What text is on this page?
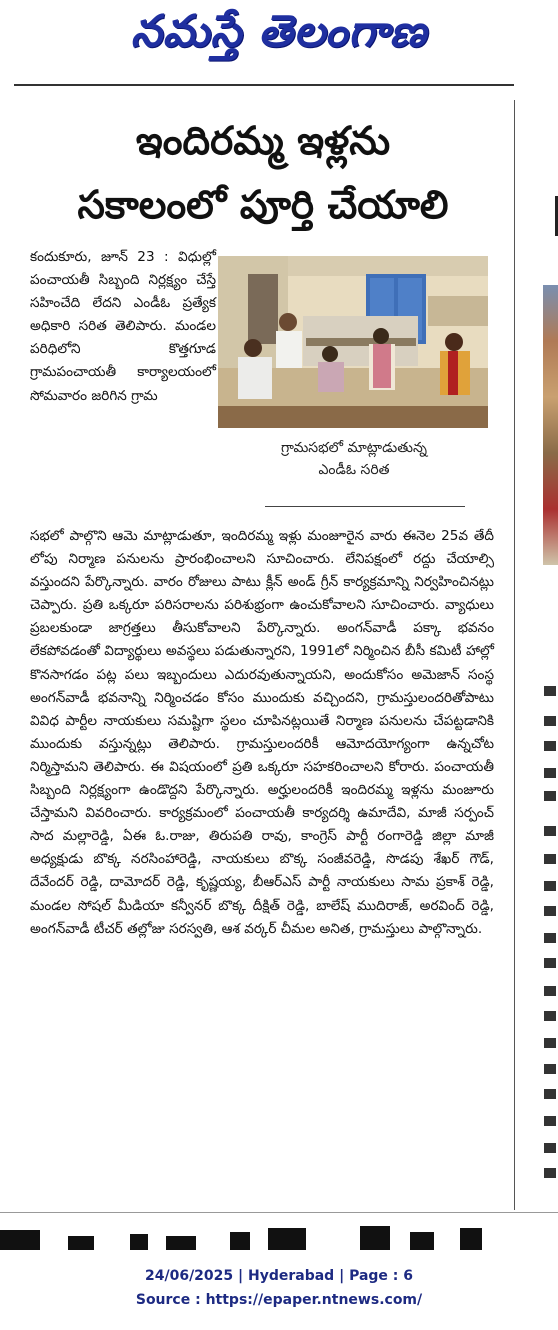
నమస్తే తెలంగాణ
ఇందిరమ్మ ఇళ్లను
సకాలంలో పూర్తి చేయాలి
గ్రామసభలో మాట్లాడుతున్న
ఎండీఓ సరిత
కందుకూరు, జూన్ 23 : విధుల్లో పంచాయతీ సిబ్బంది నిర్లక్ష్యం చేస్తే సహించేది లేదని ఎండీఓ ప్రత్యేక అధికారి సరిత తెలిపారు. మండల పరిధిలోని కొత్తగూడ గ్రామపంచాయతీ కార్యాలయంలో సోమవారం జరిగిన గ్రామ
సభలో పాల్గొని ఆమె మాట్లాడుతూ, ఇందిరమ్మ ఇళ్లు మంజూరైన వారు ఈనెల 25వ తేదీ లోపు నిర్మాణ పనులను ప్రారంభించాలని సూచించారు. లేనిపక్షంలో రద్దు చేయాల్సి వస్తుందని పేర్కొన్నారు. వారం రోజులు పాటు క్లీన్ అండ్ గ్రీన్ కార్యక్రమాన్ని నిర్వహించినట్లు చెప్పారు. ప్రతి ఒక్కరూ పరిసరాలను పరిశుభ్రంగా ఉంచుకోవాలని సూచించారు. వ్యాధులు ప్రబలకుండా జాగ్రత్తలు తీసుకోవాలని పేర్కొన్నారు. అంగన్‌వాడీ పక్కా భవనం లేకపోవడంతో విద్యార్థులు అవస్థలు పడుతున్నారని, 1991లో నిర్మించిన బీసీ కమిటీ హాల్లో కొనసాగడం పట్ల పలు ఇబ్బందులు ఎదురవుతున్నాయని, అందుకోసం అమెజాన్ సంస్థ అంగన్‌వాడీ భవనాన్ని నిర్మించడం కోసం ముందుకు వచ్చిందని, గ్రామస్తులందరితోపాటు వివిధ పార్టీల నాయకులు సమష్టిగా స్థలం చూపినట్లయితే నిర్మాణ పనులను చేపట్టడానికి ముందుకు వస్తున్నట్లు తెలిపారు. గ్రామస్తులందరికీ ఆమోదయోగ్యంగా ఉన్నచోట నిర్మిస్తామని తెలిపారు. ఈ విషయంలో ప్రతి ఒక్కరూ సహకరించాలని కోరారు. పంచాయతీ సిబ్బంది నిర్లక్ష్యంగా ఉండొద్దని పేర్కొన్నారు. అర్హులందరికీ ఇందిరమ్మ ఇళ్లను మంజూరు చేస్తామని వివరించారు. కార్యక్రమంలో పంచాయతీ కార్యదర్శి ఉమాదేవి, మాజీ సర్పంచ్ సాద మల్లారెడ్డి, ఏఈ ఓ.రాజు, తిరుపతి రావు, కాంగ్రెస్ పార్టీ రంగారెడ్డి జిల్లా మాజీ అధ్యక్షుడు బొక్క నరసింహారెడ్డి, నాయకులు బొక్క సంజీవరెడ్డి, సొడపు శేఖర్ గౌడ్, దేవేందర్ రెడ్డి, దామోదర్ రెడ్డి, కృష్ణయ్య, బీఆర్ఎస్ పార్టీ నాయకులు సామ ప్రకాశ్ రెడ్డి, మండల సోషల్ మీడియా కన్వీనర్ బొక్క దీక్షిత్ రెడ్డి, బాలేష్ ముదిరాజ్, అరవింద్ రెడ్డి, అంగన్‌వాడీ టీచర్ తల్లోజు సరస్వతి, ఆశ వర్కర్ చీమల అనిత, గ్రామస్తులు పాల్గొన్నారు.
24/06/2025 | Hyderabad | Page : 6
Source : https://epaper.ntnews.com/
